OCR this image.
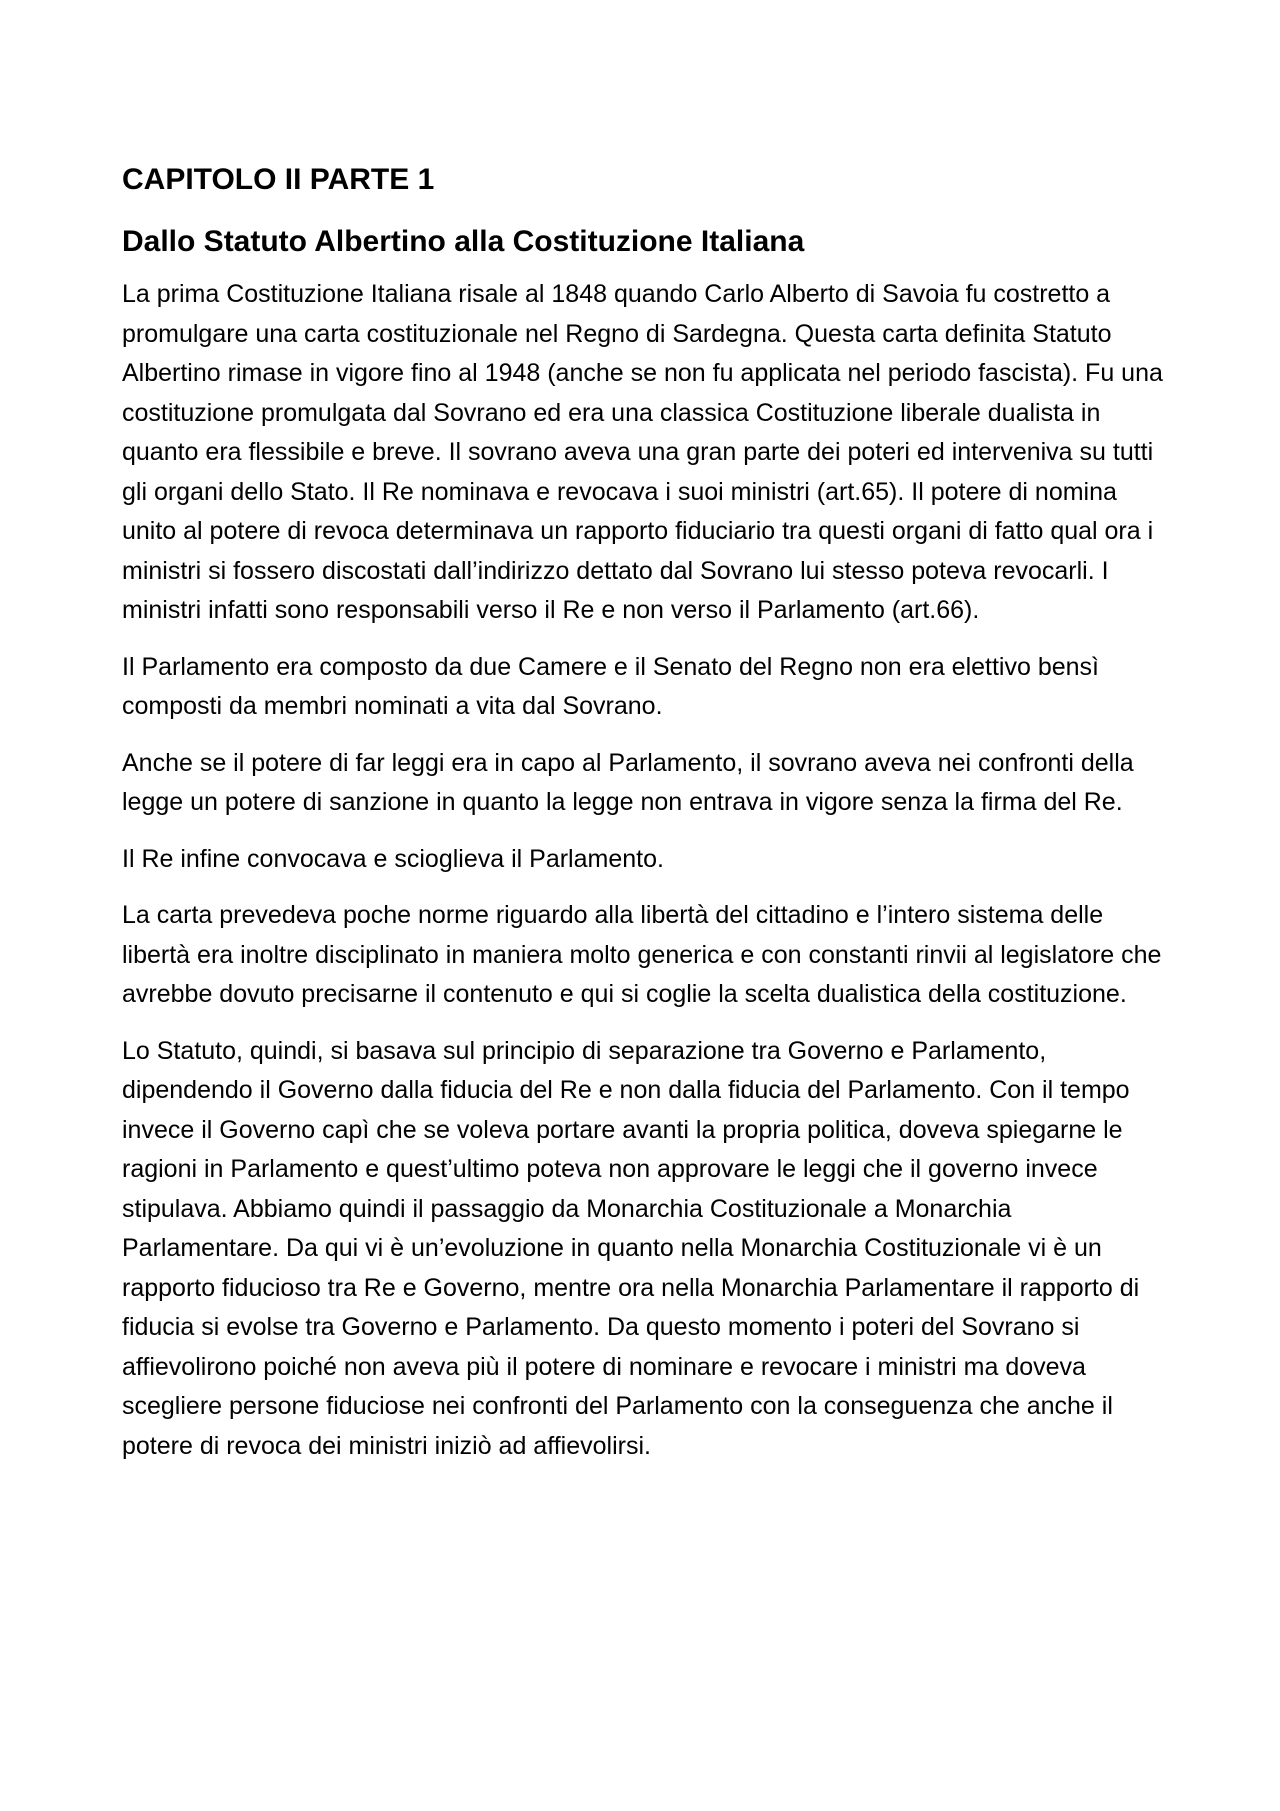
CAPITOLO II PARTE 1
Dallo Statuto Albertino alla Costituzione Italiana

La prima Costituzione Italiana risale al 1848 quando Carlo Alberto di Savoia fu costretto a promulgare una carta costituzionale nel Regno di Sardegna. Questa carta definita Statuto Albertino rimase in vigore fino al 1948 (anche se non fu applicata nel periodo fascista). Fu una costituzione promulgata dal Sovrano ed era una classica Costituzione liberale dualista in quanto era flessibile e breve. Il sovrano aveva una gran parte dei poteri ed interveniva su tutti gli organi dello Stato. Il Re nominava e revocava i suoi ministri (art.65). Il potere di nomina unito al potere di revoca determinava un rapporto fiduciario tra questi organi di fatto qual ora i ministri si fossero discostati dall’indirizzo dettato dal Sovrano lui stesso poteva revocarli. I ministri infatti sono responsabili verso il Re e non verso il Parlamento (art.66).

Il Parlamento era composto da due Camere e il Senato del Regno non era elettivo bensì composti da membri nominati a vita dal Sovrano.

Anche se il potere di far leggi era in capo al Parlamento, il sovrano aveva nei confronti della legge un potere di sanzione in quanto la legge non entrava in vigore senza la firma del Re.

Il Re infine convocava e scioglieva il Parlamento.

La carta prevedeva poche norme riguardo alla libertà del cittadino e l’intero sistema delle libertà era inoltre disciplinato in maniera molto generica e con constanti rinvii al legislatore che avrebbe dovuto precisarne il contenuto e qui si coglie la scelta dualistica della costituzione.

Lo Statuto, quindi, si basava sul principio di separazione tra Governo e Parlamento, dipendendo il Governo dalla fiducia del Re e non dalla fiducia del Parlamento. Con il tempo invece il Governo capì che se voleva portare avanti la propria politica, doveva spiegarne le ragioni in Parlamento e quest’ultimo poteva non approvare le leggi che il governo invece stipulava. Abbiamo quindi il passaggio da Monarchia Costituzionale a Monarchia Parlamentare. Da qui vi è un’evoluzione in quanto nella Monarchia Costituzionale vi è un rapporto fiducioso tra Re e Governo, mentre ora nella Monarchia Parlamentare il rapporto di fiducia si evolse tra Governo e Parlamento. Da questo momento i poteri del Sovrano si affievolirono poiché non aveva più il potere di nominare e revocare i ministri ma doveva scegliere persone fiduciose nei confronti del Parlamento con la conseguenza che anche il potere di revoca dei ministri iniziò ad affievolirsi.
